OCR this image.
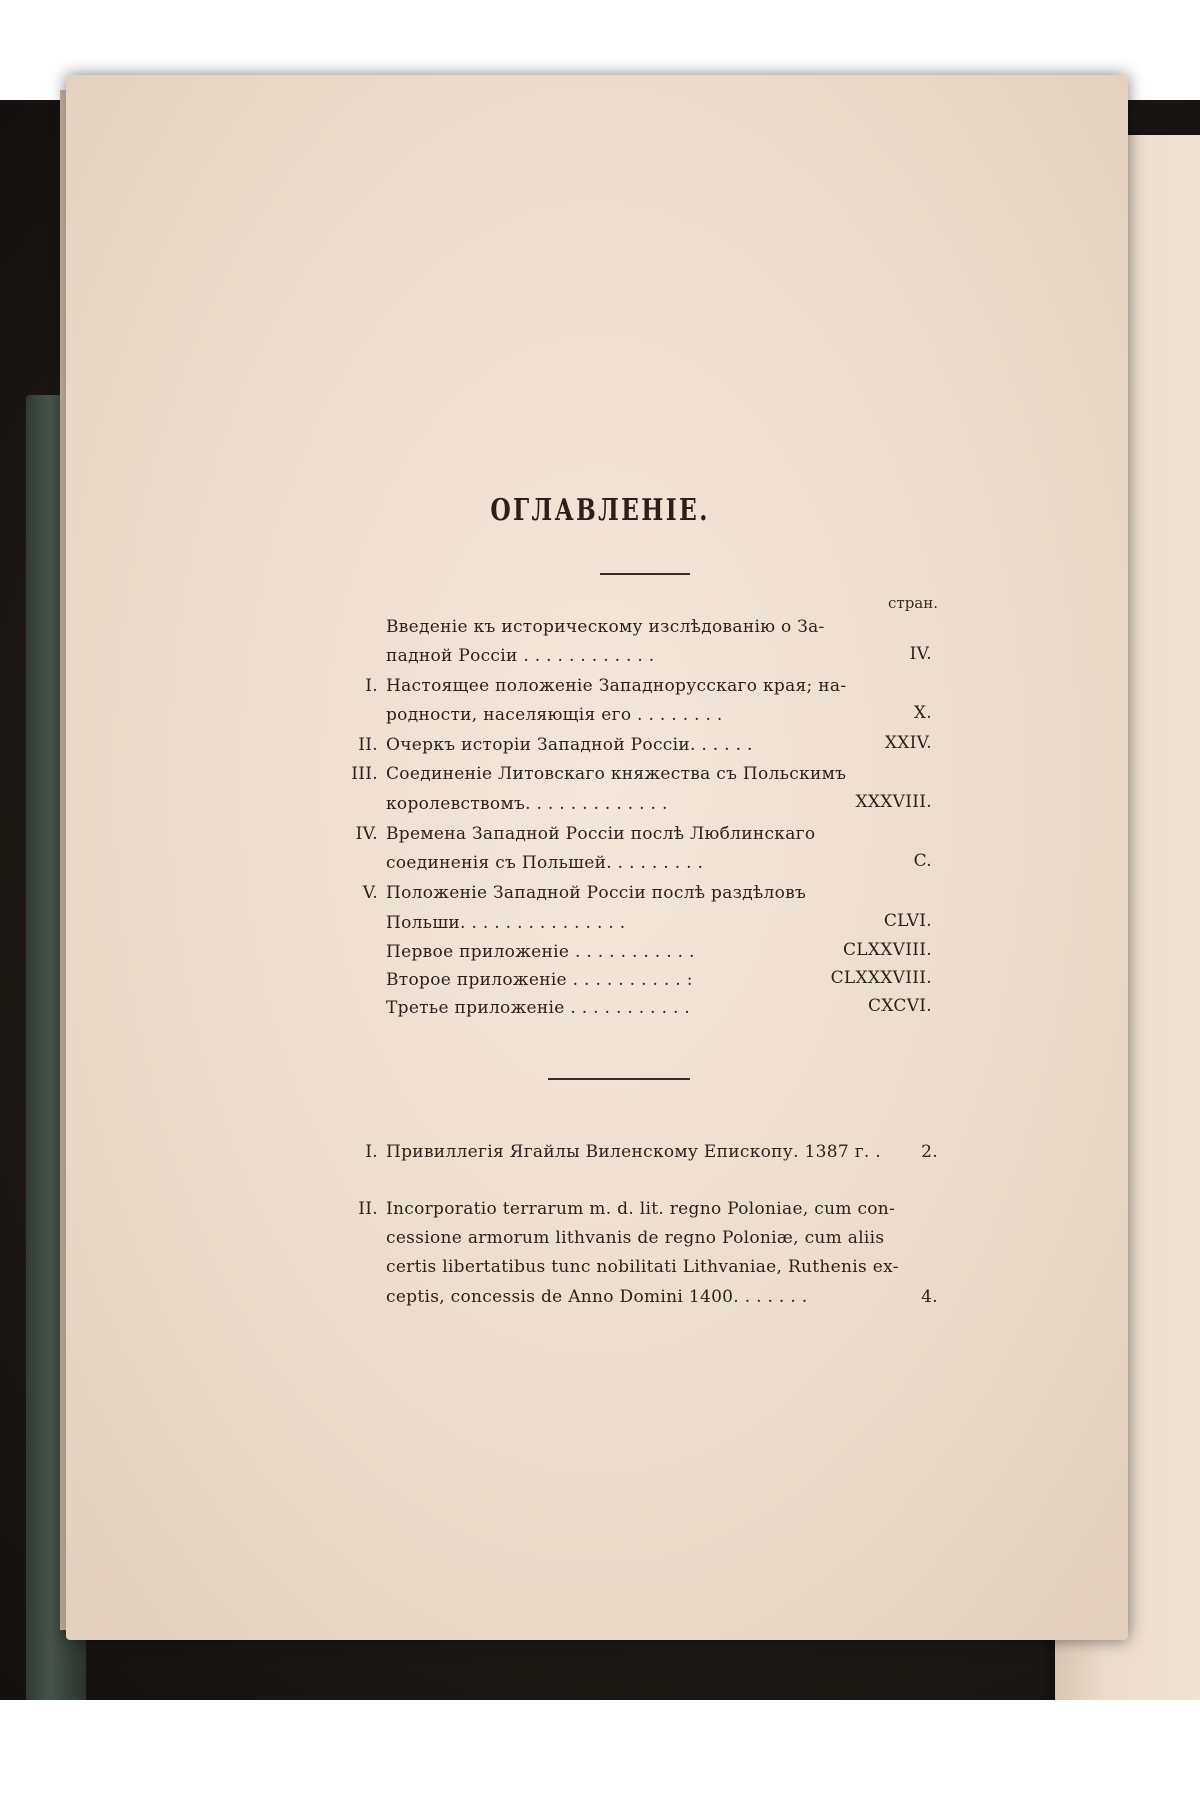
ОГЛАВЛЕНІЕ.
стран.
Введеніе къ историческому изслѣдованію о За-
падной Россіи . . . . . . . . . . . .	IV.
I. Настоящее положеніе Западнорусскаго края; на-
родности, населяющія его . . . . . . . .	X.
II. Очеркъ исторіи Западной Россіи. . . . . .	XXIV.
III. Соединеніе Литовскаго княжества съ Польскимъ
королевствомъ. . . . . . . . . . . . .	XXXVIII.
IV. Времена Западной Россіи послѣ Люблинскаго
соединенія съ Польшей. . . . . . . . .	C.
V. Положеніе Западной Россіи послѣ раздѣловъ
Польши. . . . . . . . . . . . . . .	CLVI.
Первое приложеніе . . . . . . . . . . .	CLXXVIII.
Второе приложеніе . . . . . . . . . . :	CLXXXVIII.
Третье приложеніе . . . . . . . . . . .	CXCVI.
I. Привиллегія Ягайлы Виленскому Епископу. 1387 г. .	2.
II. Incorporatio terrarum m. d. lit. regno Poloniae, cum con-
cessione armorum lithvanis de regno Poloniæ, cum aliis
certis libertatibus tunc nobilitati Lithvaniae, Ruthenis ex-
ceptis, concessis de Anno Domini 1400. . . . . . .	4.
